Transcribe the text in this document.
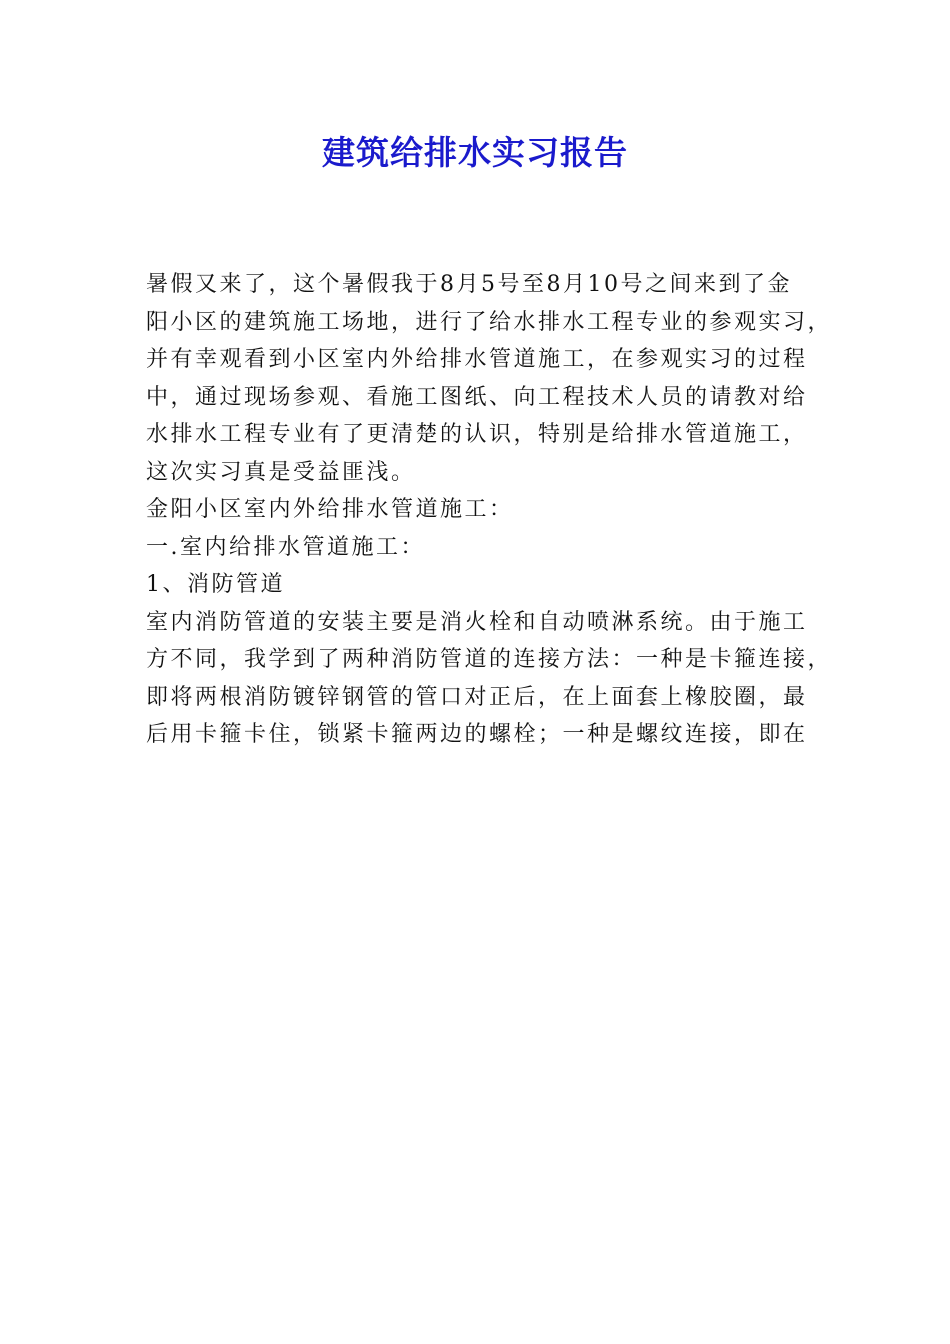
建筑给排水实习报告
暑假又来了，这个暑假我于8月5号至8月10号之间来到了金
阳小区的建筑施工场地，进行了给水排水工程专业的参观实习，
并有幸观看到小区室内外给排水管道施工，在参观实习的过程
中，通过现场参观、看施工图纸、向工程技术人员的请教对给
水排水工程专业有了更清楚的认识，特别是给排水管道施工，
这次实习真是受益匪浅。
金阳小区室内外给排水管道施工：
一.室内给排水管道施工：
1、消防管道
室内消防管道的安装主要是消火栓和自动喷淋系统。由于施工
方不同，我学到了两种消防管道的连接方法：一种是卡箍连接，
即将两根消防镀锌钢管的管口对正后，在上面套上橡胶圈，最
后用卡箍卡住，锁紧卡箍两边的螺栓；一种是螺纹连接，即在
